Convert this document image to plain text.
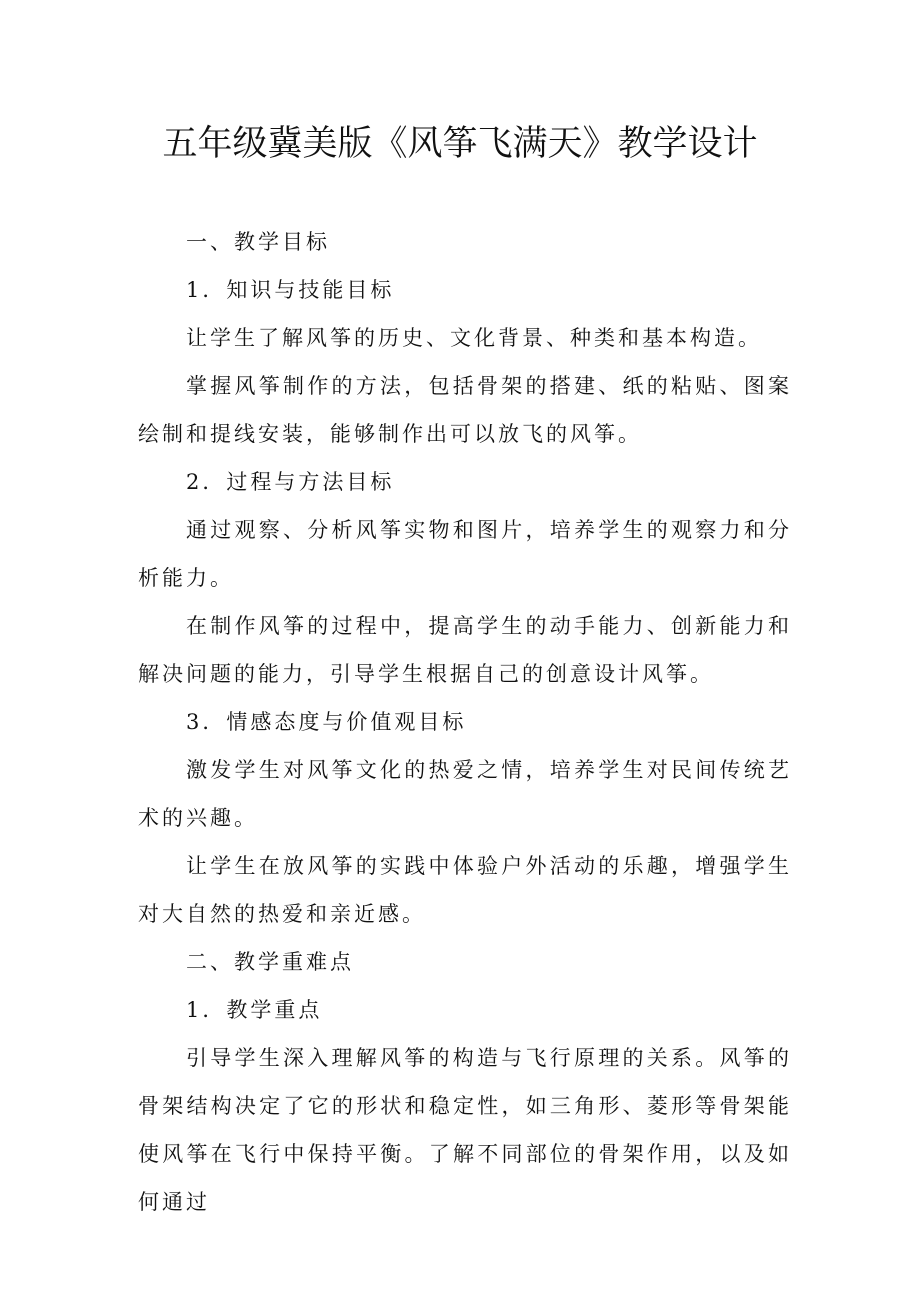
五年级冀美版《风筝飞满天》教学设计

一、教学目标

1．知识与技能目标

让学生了解风筝的历史、文化背景、种类和基本构造。

掌握风筝制作的方法，包括骨架的搭建、纸的粘贴、图案绘制和提线安装，能够制作出可以放飞的风筝。

2．过程与方法目标

通过观察、分析风筝实物和图片，培养学生的观察力和分析能力。

在制作风筝的过程中，提高学生的动手能力、创新能力和解决问题的能力，引导学生根据自己的创意设计风筝。

3．情感态度与价值观目标

激发学生对风筝文化的热爱之情，培养学生对民间传统艺术的兴趣。

让学生在放风筝的实践中体验户外活动的乐趣，增强学生对大自然的热爱和亲近感。

二、教学重难点

1．教学重点

引导学生深入理解风筝的构造与飞行原理的关系。风筝的骨架结构决定了它的形状和稳定性，如三角形、菱形等骨架能使风筝在飞行中保持平衡。了解不同部位的骨架作用，以及如何通过
